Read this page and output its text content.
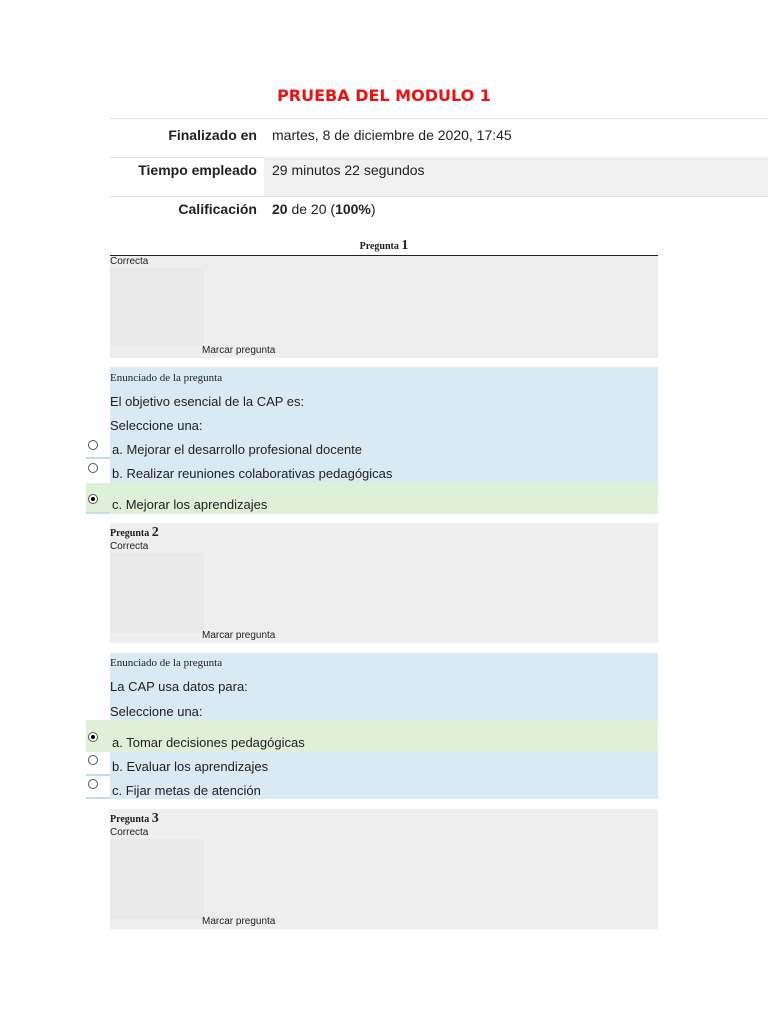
PRUEBA DEL MODULO 1
Finalizado en	martes, 8 de diciembre de 2020, 17:45
Tiempo empleado	29 minutos 22 segundos
Calificación	20 de 20 (100%)
Pregunta 1
Correcta
Marcar pregunta
Enunciado de la pregunta
El objetivo esencial de la CAP es:
Seleccione una:
a. Mejorar el desarrollo profesional docente
b. Realizar reuniones colaborativas pedagógicas
c. Mejorar los aprendizajes
Pregunta 2
Correcta
Marcar pregunta
Enunciado de la pregunta
La CAP usa datos para:
Seleccione una:
a. Tomar decisiones pedagógicas
b. Evaluar los aprendizajes
c. Fijar metas de atención
Pregunta 3
Correcta
Marcar pregunta
